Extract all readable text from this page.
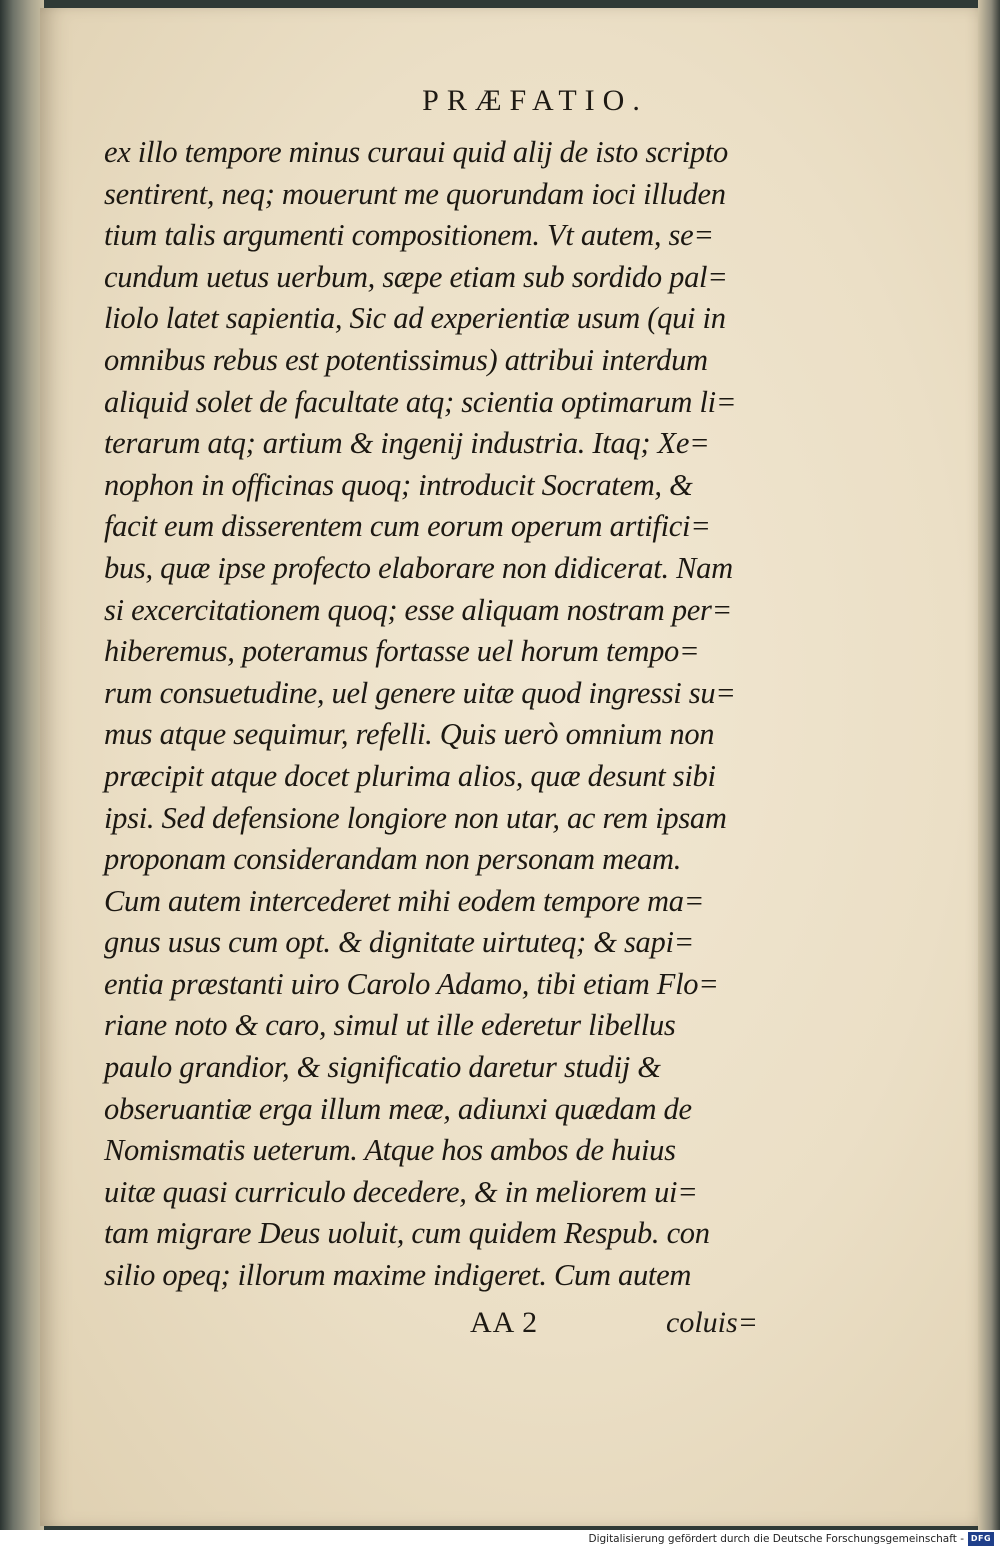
PRÆFATIO.
ex illo tempore minus curaui quid alij de isto scripto
sentirent, neq; mouerunt me quorundam ioci illuden
tium talis argumenti compositionem. Vt autem, se=
cundum uetus uerbum, sæpe etiam sub sordido pal=
liolo latet sapientia, Sic ad experientiæ usum (qui in
omnibus rebus est potentissimus) attribui interdum
aliquid solet de facultate atq; scientia optimarum li=
terarum atq; artium & ingenij industria. Itaq; Xe=
nophon in officinas quoq; introducit Socratem, &
facit eum disserentem cum eorum operum artifici=
bus, quæ ipse profecto elaborare non didicerat. Nam
si excercitationem quoq; esse aliquam nostram per=
hiberemus, poteramus fortasse uel horum tempo=
rum consuetudine, uel genere uitæ quod ingressi su=
mus atque sequimur, refelli. Quis uerò omnium non
præcipit atque docet plurima alios, quæ desunt sibi
ipsi. Sed defensione longiore non utar, ac rem ipsam
proponam considerandam non personam meam.
Cum autem intercederet mihi eodem tempore ma=
gnus usus cum opt. & dignitate uirtuteq; & sapi=
entia præstanti uiro Carolo Adamo, tibi etiam Flo=
riane noto & caro, simul ut ille ederetur libellus
paulo grandior, & significatio daretur studij &
obseruantiæ erga illum meæ, adiunxi quædam de
Nomismatis ueterum. Atque hos ambos de huius
uitæ quasi curriculo decedere, & in meliorem ui=
tam migrare Deus uoluit, cum quidem Respub. con
silio opeq; illorum maxime indigeret. Cum autem
AA 2	coluis=
Digitalisierung gefördert durch die Deutsche Forschungsgemeinschaft - DFG
